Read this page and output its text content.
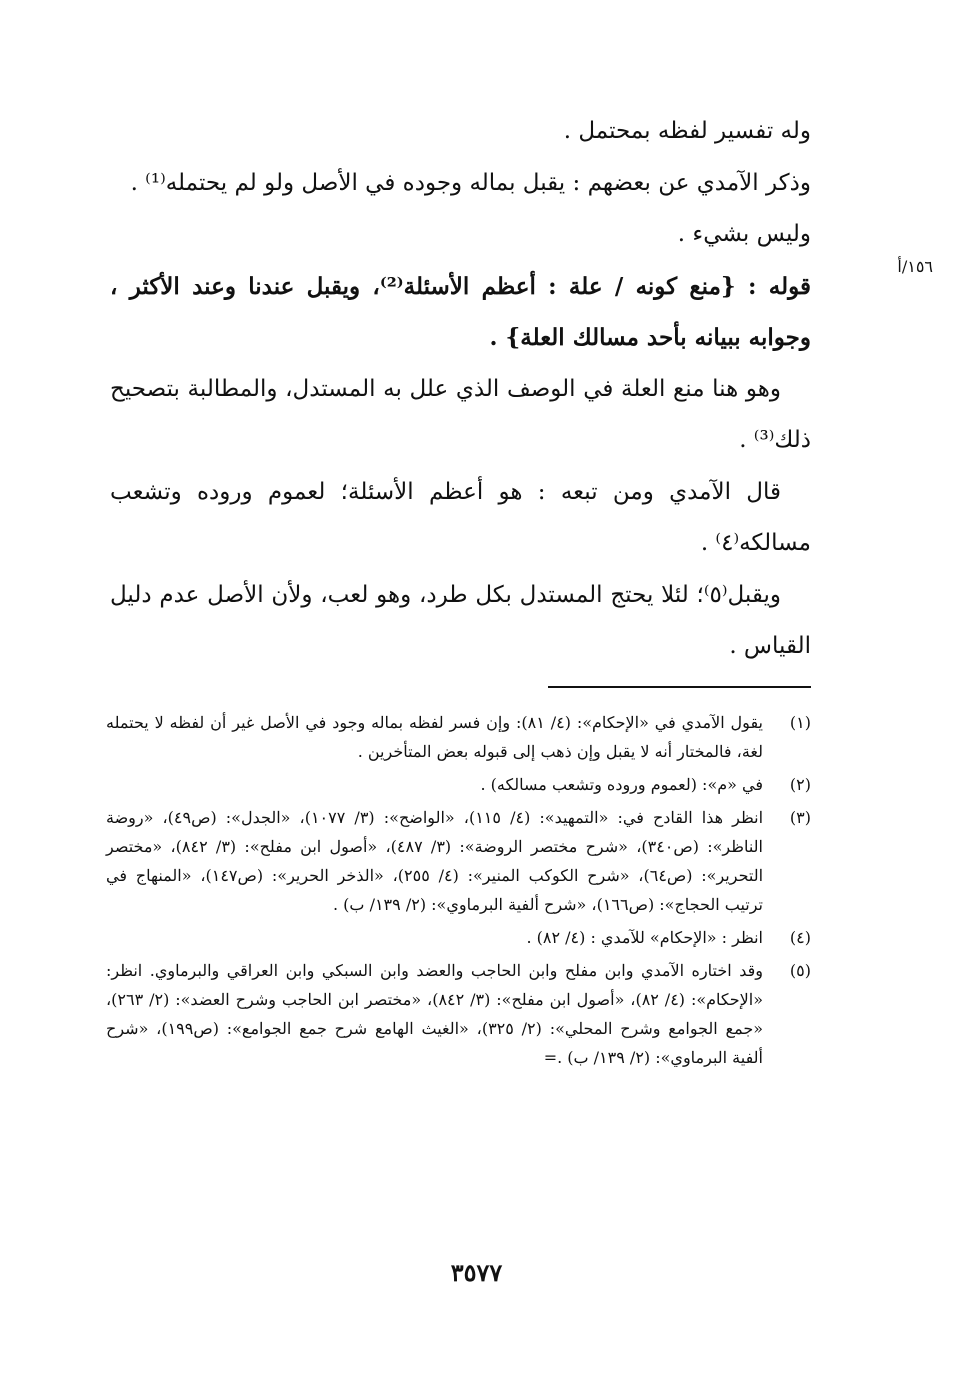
١٥٦/أ

وله تفسير لفظه بمحتمل .

وذكر الآمدي عن بعضهم : يقبل بماله وجوده في الأصل ولو لم يحتمله⁽¹⁾ .

وليس بشيء .

قوله : {منع كونه / علة : أعظم الأسئلة⁽²⁾، ويقبل عندنا وعند الأكثر ، وجوابه ببيانه بأحد مسالك العلة} .

وهو هنا منع العلة في الوصف الذي علل به المستدل، والمطالبة بتصحيح ذلك⁽³⁾ .

قال الآمدي ومن تبعه : هو أعظم الأسئلة؛ لعموم وروده وتشعب مسالكه⁽٤⁾ .

ويقبل⁽٥⁾؛ لئلا يحتج المستدل بكل طرد، وهو لعب، ولأن الأصل عدم دليل القياس .

(١)
يقول الآمدي في «الإحكام»: (٤/ ٨١): وإن فسر لفظه بماله وجود في الأصل غير أن لفظه لا يحتمله لغة، فالمختار أنه لا يقبل وإن ذهب إلى قبوله بعض المتأخرين .
(٢)
في «م»: (لعموم وروده وتشعب مسالكه) .
(٣)
انظر هذا القادح في: «التمهيد»: (٤/ ١١٥)، «الواضح»: (٣/ ١٠٧٧)، «الجدل»: (ص٤٩)، «روضة الناظر»: (ص٣٤٠)، «شرح مختصر الروضة»: (٣/ ٤٨٧)، «أصول ابن مفلح»: (٣/ ٨٤٢)، «مختصر التحرير»: (ص٦٤)، «شرح الكوكب المنير»: (٤/ ٢٥٥)، «الذخر الحرير»: (ص١٤٧)، «المنهاج في ترتيب الحجاج»: (ص١٦٦)، «شرح ألفية البرماوي»: (٢/ ١٣٩/ ب) .
(٤)
انظر : «الإحكام» للآمدي : (٤/ ٨٢) .
(٥)
وقد اختاره الآمدي وابن مفلح وابن الحاجب والعضد وابن السبكي وابن العراقي والبرماوي. انظر: «الإحكام»: (٤/ ٨٢)، «أصول ابن مفلح»: (٣/ ٨٤٢)، «مختصر ابن الحاجب وشرح العضد»: (٢/ ٢٦٣)، «جمع الجوامع وشرح المحلي»: (٢/ ٣٢٥)، «الغيث الهامع شرح جمع الجوامع»: (ص١٩٩)، «شرح ألفية البرماوي»: (٢/ ١٣٩/ ب) .=
٣٥٧٧
